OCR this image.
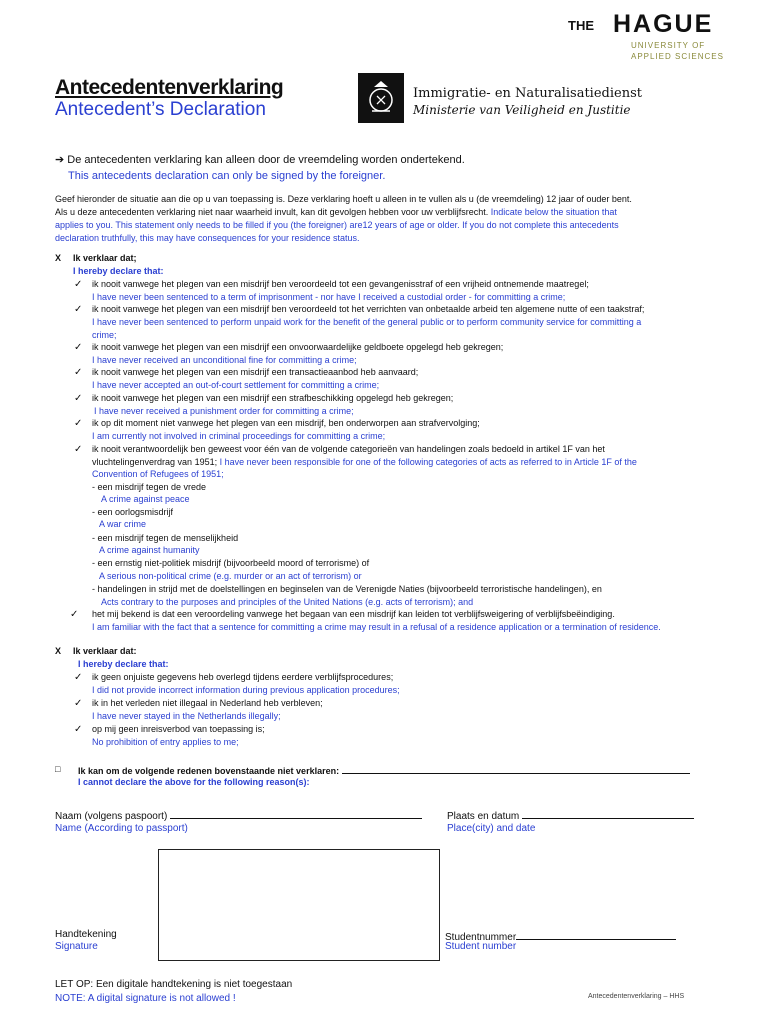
THE HAGUE
UNIVERSITY OF
APPLIED SCIENCES
Immigratie- en Naturalisatiedienst
Ministerie van Veiligheid en Justitie
Antecedentenverklaring
Antecedent’s Declaration
➔ De antecedenten verklaring kan alleen door de vreemdeling worden ondertekend.
This antecedents declaration can only be signed by the foreigner.
Geef hieronder de situatie aan die op u van toepassing is. Deze verklaring hoeft u alleen in te vullen als u (de vreemdeling) 12 jaar of ouder bent.
Als u deze antecedenten verklaring niet naar waarheid invult, kan dit gevolgen hebben voor uw verblijfsrecht. Indicate below the situation that
applies to you. This statement only needs to be filled if you (the foreigner) are12 years of age or older. If you do not complete this antecedents
declaration truthfully, this may have consequences for your residence status.
X Ik verklaar dat;
I hereby declare that:
✓ ik nooit vanwege het plegen van een misdrijf ben veroordeeld tot een gevangenisstraf of een vrijheid ontnemende maatregel;
I have never been sentenced to a term of imprisonment - nor have I received a custodial order - for committing a crime;
✓ ik nooit vanwege het plegen van een misdrijf ben veroordeeld tot het verrichten van onbetaalde arbeid ten algemene nutte of een taakstraf;
I have never been sentenced to perform unpaid work for the benefit of the general public or to perform community service for committing a
crime;
✓ ik nooit vanwege het plegen van een misdrijf een onvoorwaardelijke geldboete opgelegd heb gekregen;
I have never received an unconditional fine for committing a crime;
✓ ik nooit vanwege het plegen van een misdrijf een transactieaanbod heb aanvaard;
I have never accepted an out-of-court settlement for committing a crime;
✓ ik nooit vanwege het plegen van een misdrijf een strafbeschikking opgelegd heb gekregen;
I have never received a punishment order for committing a crime;
✓ ik op dit moment niet vanwege het plegen van een misdrijf, ben onderworpen aan strafvervolging;
I am currently not involved in criminal proceedings for committing a crime;
✓ ik nooit verantwoordelijk ben geweest voor één van de volgende categorieën van handelingen zoals bedoeld in artikel 1F van het
vluchtelingenverdrag van 1951; I have never been responsible for one of the following categories of acts as referred to in Article 1F of the
Convention of Refugees of 1951;
- een misdrijf tegen de vrede
A crime against peace
- een oorlogsmisdrijf
A war crime
- een misdrijf tegen de menselijkheid
A crime against humanity
- een ernstig niet-politiek misdrijf (bijvoorbeeld moord of terrorisme) of
A serious non-political crime (e.g. murder or an act of terrorism) or
- handelingen in strijd met de doelstellingen en beginselen van de Verenigde Naties (bijvoorbeeld terroristische handelingen), en
Acts contrary to the purposes and principles of the United Nations (e.g. acts of terrorism); and
✓ het mij bekend is dat een veroordeling vanwege het begaan van een misdrijf kan leiden tot verblijfsweigering of verblijfsbeëindiging.
I am familiar with the fact that a sentence for committing a crime may result in a refusal of a residence application or a termination of residence.
X Ik verklaar dat:
I hereby declare that:
✓ ik geen onjuiste gegevens heb overlegd tijdens eerdere verblijfsprocedures;
I did not provide incorrect information during previous application procedures;
✓ ik in het verleden niet illegaal in Nederland heb verbleven;
I have never stayed in the Netherlands illegally;
✓ op mij geen inreisverbod van toepassing is;
No prohibition of entry applies to me;
□ Ik kan om de volgende redenen bovenstaande niet verklaren:
I cannot declare the above for the following reason(s):
Naam (volgens paspoort)
Name (According to passport)
Plaats en datum
Place(city) and date
Handtekening
Signature
Studentnummer
Student number
LET OP: Een digitale handtekening is niet toegestaan
NOTE: A digital signature is not allowed !	Antecedentenverklaring – HHS
